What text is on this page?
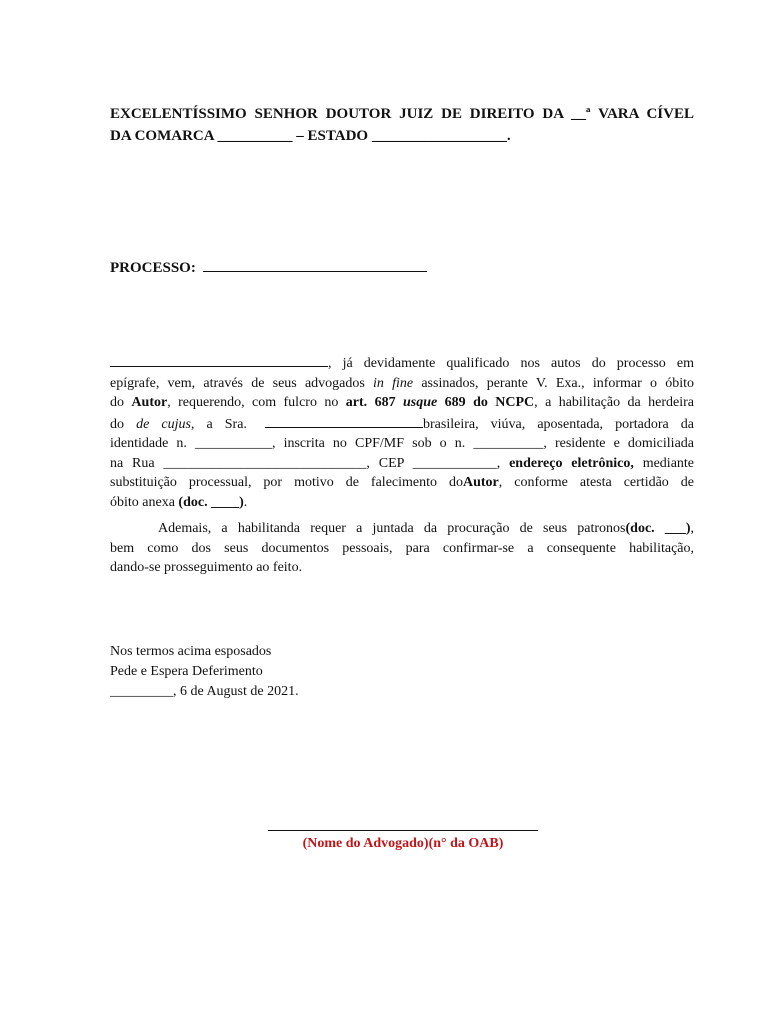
EXCELENTÍSSIMO SENHOR DOUTOR JUIZ DE DIREITO DA __ª VARA CÍVEL
DA COMARCA __________ – ESTADO __________________.

PROCESSO:

, já devidamente qualificado nos autos do processo em
epígrafe, vem, através de seus advogados in fine assinados, perante V. Exa., informar o óbito
do Autor, requerendo, com fulcro no art. 687 usque 689 do NCPC, a habilitação da herdeira
do de cujus, a Sra.	brasileira, viúva, aposentada, portadora da
identidade n. ___________, inscrita no CPF/MF sob o n. __________, residente e domiciliada
na Rua _____________________________, CEP ____________, endereço eletrônico, mediante
substituição processual, por motivo de falecimento doAutor, conforme atesta certidão de
óbito anexa (doc. ____).
Ademais, a habilitanda requer a juntada da procuração de seus patronos(doc. ___),
bem como dos seus documentos pessoais, para confirmar-se a consequente habilitação,
dando-se prosseguimento ao feito.
Nos termos acima esposados
Pede e Espera Deferimento
_________, 6 de August de 2021.
(Nome do Advogado)(n° da OAB)
